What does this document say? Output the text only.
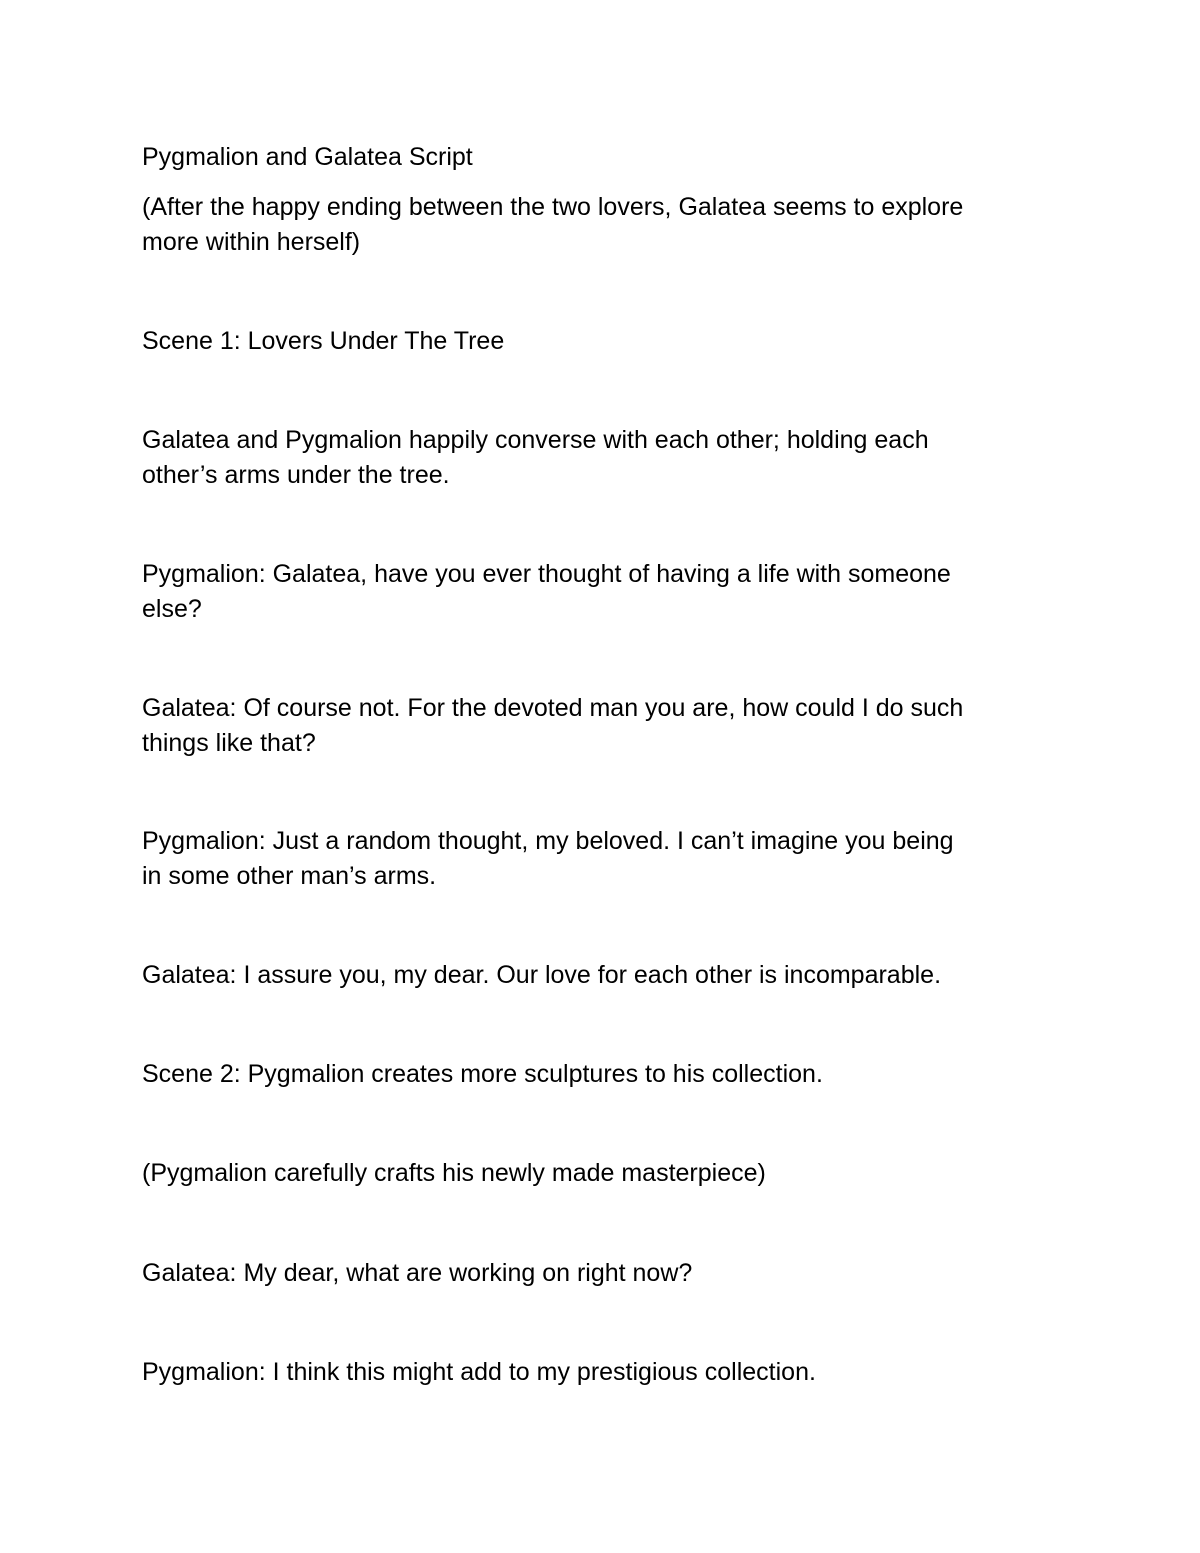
Pygmalion and Galatea Script

(After the happy ending between the two lovers, Galatea seems to explore

more within herself)

Scene 1: Lovers Under The Tree

Galatea and Pygmalion happily converse with each other; holding each

other’s arms under the tree.

Pygmalion: Galatea, have you ever thought of having a life with someone

else?

Galatea: Of course not. For the devoted man you are, how could I do such

things like that?

Pygmalion: Just a random thought, my beloved. I can’t imagine you being

in some other man’s arms.

Galatea: I assure you, my dear. Our love for each other is incomparable.

Scene 2: Pygmalion creates more sculptures to his collection.

(Pygmalion carefully crafts his newly made masterpiece)

Galatea: My dear, what are working on right now?

Pygmalion: I think this might add to my prestigious collection.
